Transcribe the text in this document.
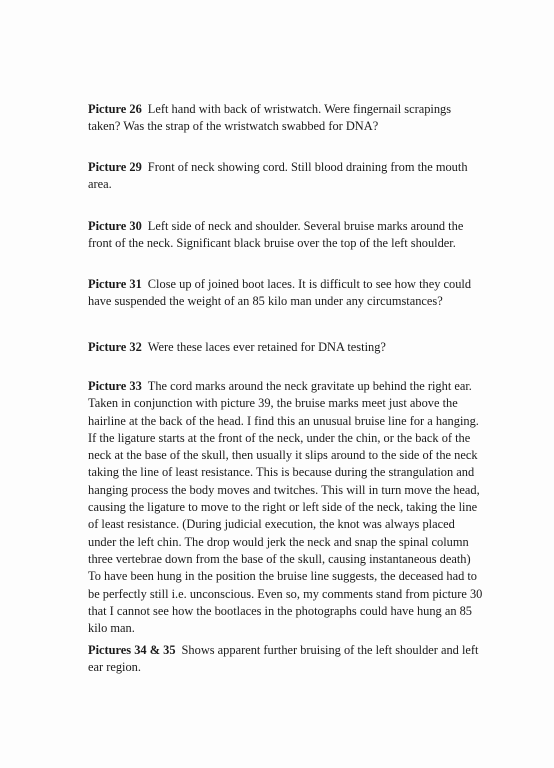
Picture 26 Left hand with back of wristwatch. Were fingernail scrapings taken? Was the strap of the wristwatch swabbed for DNA?

Picture 29 Front of neck showing cord. Still blood draining from the mouth area.

Picture 30 Left side of neck and shoulder. Several bruise marks around the front of the neck. Significant black bruise over the top of the left shoulder.

Picture 31 Close up of joined boot laces. It is difficult to see how they could have suspended the weight of an 85 kilo man under any circumstances?

Picture 32 Were these laces ever retained for DNA testing?

Picture 33 The cord marks around the neck gravitate up behind the right ear. Taken in conjunction with picture 39, the bruise marks meet just above the hairline at the back of the head. I find this an unusual bruise line for a hanging. If the ligature starts at the front of the neck, under the chin, or the back of the neck at the base of the skull, then usually it slips around to the side of the neck taking the line of least resistance. This is because during the strangulation and hanging process the body moves and twitches. This will in turn move the head, causing the ligature to move to the right or left side of the neck, taking the line of least resistance. (During judicial execution, the knot was always placed under the left chin. The drop would jerk the neck and snap the spinal column three vertebrae down from the base of the skull, causing instantaneous death) To have been hung in the position the bruise line suggests, the deceased had to be perfectly still i.e. unconscious. Even so, my comments stand from picture 30 that I cannot see how the bootlaces in the photographs could have hung an 85 kilo man.

Pictures 34 & 35 Shows apparent further bruising of the left shoulder and left ear region.
